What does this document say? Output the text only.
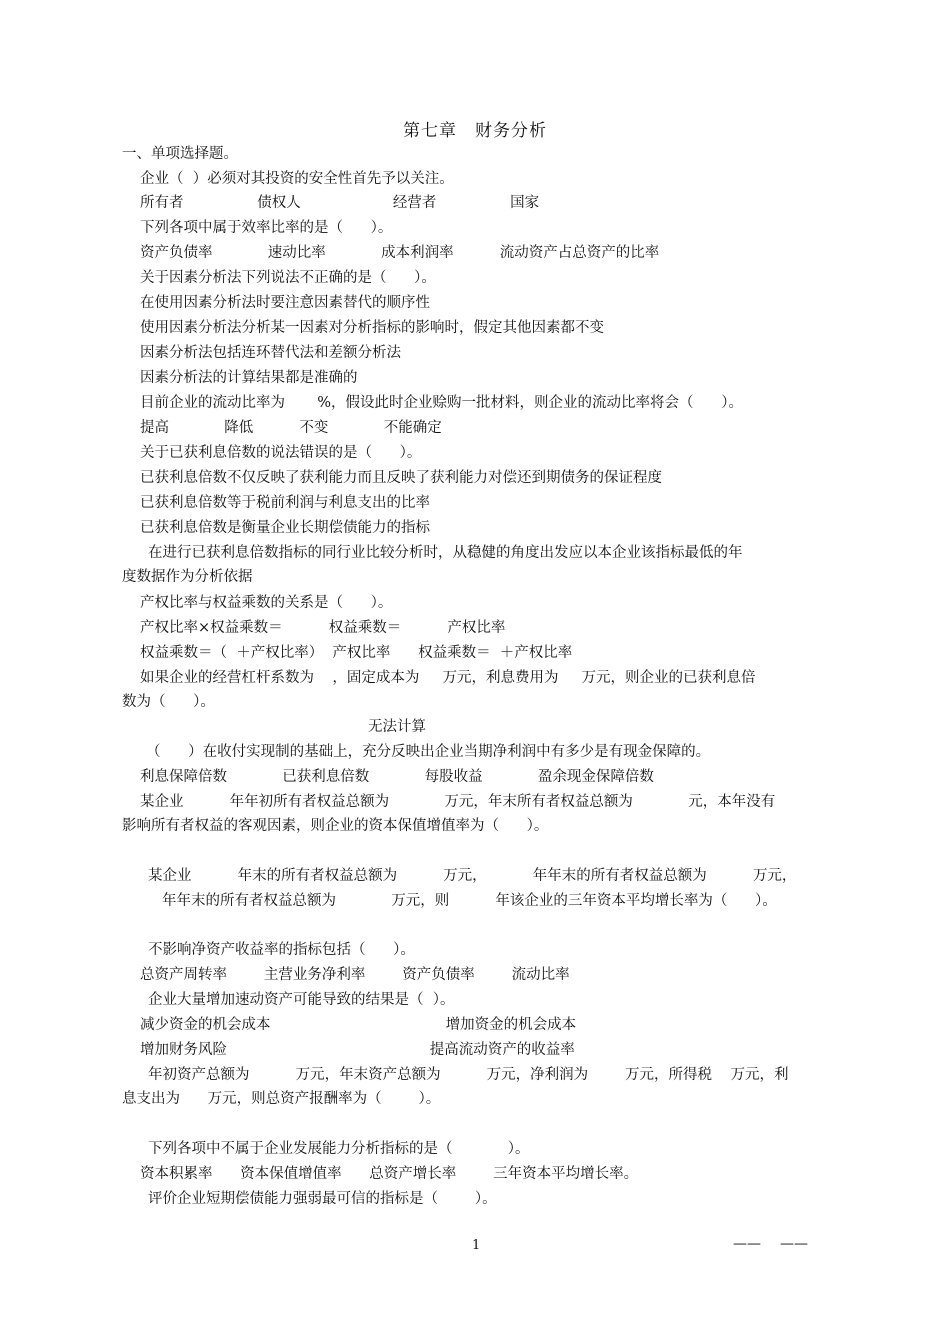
第七章　财务分析
一、单项选择题。
企业（  ）必须对其投资的安全性首先予以关注。
所有者                债权人                    经营者                国家
下列各项中属于效率比率的是（      ）。
资产负债率            速动比率            成本利润率          流动资产占总资产的比率
关于因素分析法下列说法不正确的是（      ）。
在使用因素分析法时要注意因素替代的顺序性
使用因素分析法分析某一因素对分析指标的影响时，假定其他因素都不变
因素分析法包括连环替代法和差额分析法
因素分析法的计算结果都是准确的
目前企业的流动比率为       %，假设此时企业赊购一批材料，则企业的流动比率将会（      ）。
提高            降低          不变            不能确定
关于已获利息倍数的说法错误的是（      ）。
已获利息倍数不仅反映了获利能力而且反映了获利能力对偿还到期债务的保证程度
已获利息倍数等于税前利润与利息支出的比率
已获利息倍数是衡量企业长期偿债能力的指标
在进行已获利息倍数指标的同行业比较分析时，从稳健的角度出发应以本企业该指标最低的年
度数据作为分析依据
产权比率与权益乘数的关系是（      ）。
产权比率×权益乘数＝          权益乘数＝          产权比率
权益乘数＝（  ＋产权比率）  产权比率      权益乘数＝  ＋产权比率
如果企业的经营杠杆系数为    ，固定成本为     万元，利息费用为     万元，则企业的已获利息倍
数为（      ）。
无法计算
（      ）在收付实现制的基础上，充分反映出企业当期净利润中有多少是有现金保障的。
利息保障倍数            已获利息倍数            每股收益            盈余现金保障倍数
某企业          年年初所有者权益总额为            万元，年末所有者权益总额为            元，本年没有
影响所有者权益的客观因素，则企业的资本保值增值率为（      ）。
某企业          年末的所有者权益总额为          万元，          年年末的所有者权益总额为          万元，
年年末的所有者权益总额为            万元，则          年该企业的三年资本平均增长率为（      ）。
不影响净资产收益率的指标包括（      ）。
总资产周转率        主营业务净利率        资产负债率        流动比率
企业大量增加速动资产可能导致的结果是（  ）。
减少资金的机会成本                                      增加资金的机会成本
增加财务风险                                            提高流动资产的收益率
年初资产总额为          万元，年末资产总额为          万元，净利润为        万元，所得税    万元，利
息支出为      万元，则总资产报酬率为（        ）。
下列各项中不属于企业发展能力分析指标的是（            ）。
资本积累率      资本保值增值率      总资产增长率        三年资本平均增长率。
评价企业短期偿债能力强弱最可信的指标是（        ）。
1	—— ——
